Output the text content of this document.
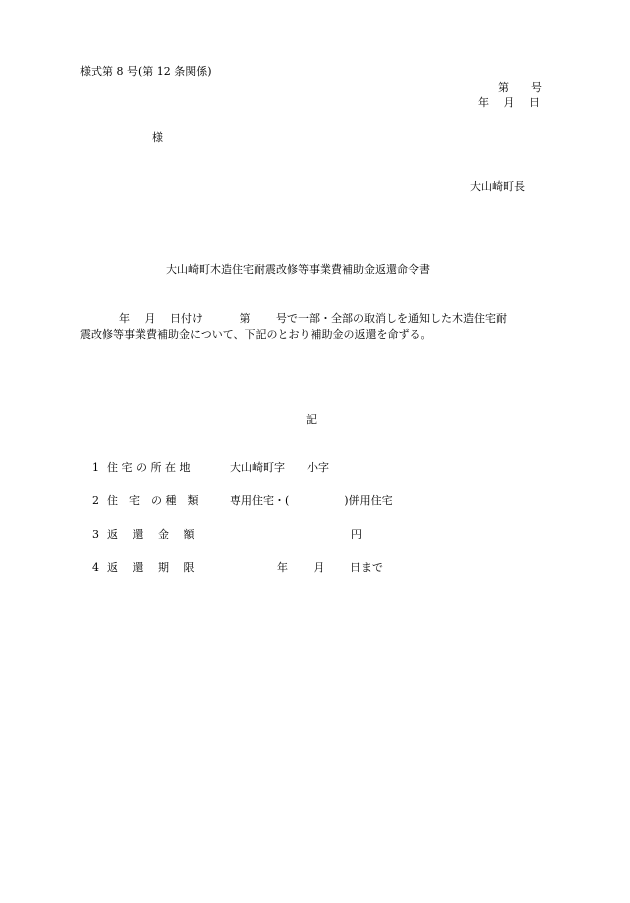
様式第 8 号(第 12 条関係)
第　　号
年　 月　 日
様
大山崎町長
大山崎町木造住宅耐震改修等事業費補助金返還命令書
年　 月　 日付け　　　 第　　 号で一部・全部の取消しを通知した木造住宅耐
震改修等事業費補助金について、下記のとおり補助金の返還を命ずる。
記
1 住 宅 の 所 在 地	大山崎町字　　小字
2 住　宅　の 種　類	専用住宅・(　　　　　)併用住宅
3 返　 還　 金　 額	円
4 返　 還　 期　 限	年　　 月　　 日まで
